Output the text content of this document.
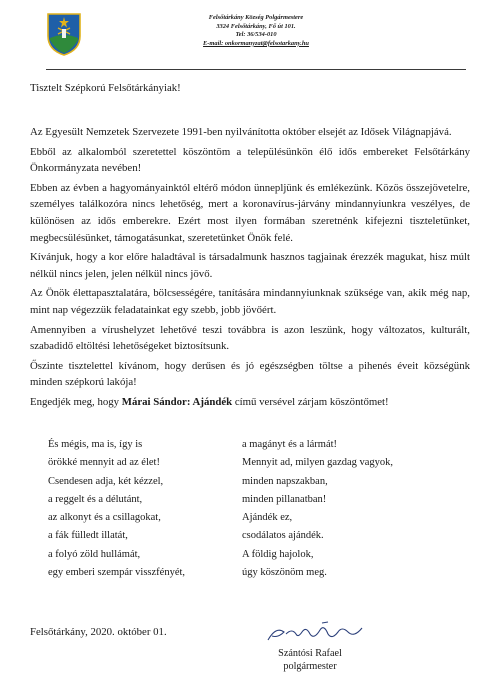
Felsőtárkány Község Polgármestere
3324 Felsőtárkány, Fő út 101.
Tel: 36/534-010
E-mail: onkormanyzat@felsotarkany.hu
Tisztelt Szépkorú Felsőtárkányiak!

Az Egyesült Nemzetek Szervezete 1991-ben nyilvánította október elsejét az Idősek Világnapjává.

Ebből az alkalomból szeretettel köszöntöm a településünkön élő idős embereket Felsőtárkány Önkormányzata nevében!

Ebben az évben a hagyományainktól eltérő módon ünnepljünk és emlékezünk. Közös összejövetelre, személyes találkozóra nincs lehetőség, mert a koronavírus-járvány mindannyiunkra veszélyes, de különösen az idős emberekre. Ezért most ilyen formában szeretnénk kifejezni tiszteletünket, megbecsülésünket, támogatásunkat, szeretetünket Önök felé.

Kívánjuk, hogy a kor előre haladtával is társadalmunk hasznos tagjainak érezzék magukat, hisz múlt nélkül nincs jelen, jelen nélkül nincs jövő.

Az Önök élettapasztalatára, bölcsességére, tanítására mindannyiunknak szüksége van, akik még nap, mint nap végezzük feladatainkat egy szebb, jobb jövőért.

Amennyiben a vírushelyzet lehetővé teszi továbbra is azon leszünk, hogy változatos, kulturált, szabadidő eltöltési lehetőségeket biztosítsunk.

Őszinte tisztelettel kívánom, hogy derűsen és jó egészségben töltse a pihenés éveit községünk minden szépkorú lakója!

Engedjék meg, hogy Márai Sándor: Ajándék című versével zárjam köszöntőmet!

És mégis, ma is, így is
örökké mennyit ad az élet!
Csendesen adja, két kézzel,
a reggelt és a délutánt,
az alkonyt és a csillagokat,
a fák fülledt illatát,
a folyó zöld hullámát,
egy emberi szempár visszfényét,
a magányt és a lármát!
Mennyit ad, milyen gazdag vagyok,
minden napszakban,
minden pillanatban!
Ajándék ez,
csodálatos ajándék.
A földig hajolok,
úgy köszönöm meg.
Felsőtárkány, 2020. október 01.
Szántósi Rafael
polgármester
